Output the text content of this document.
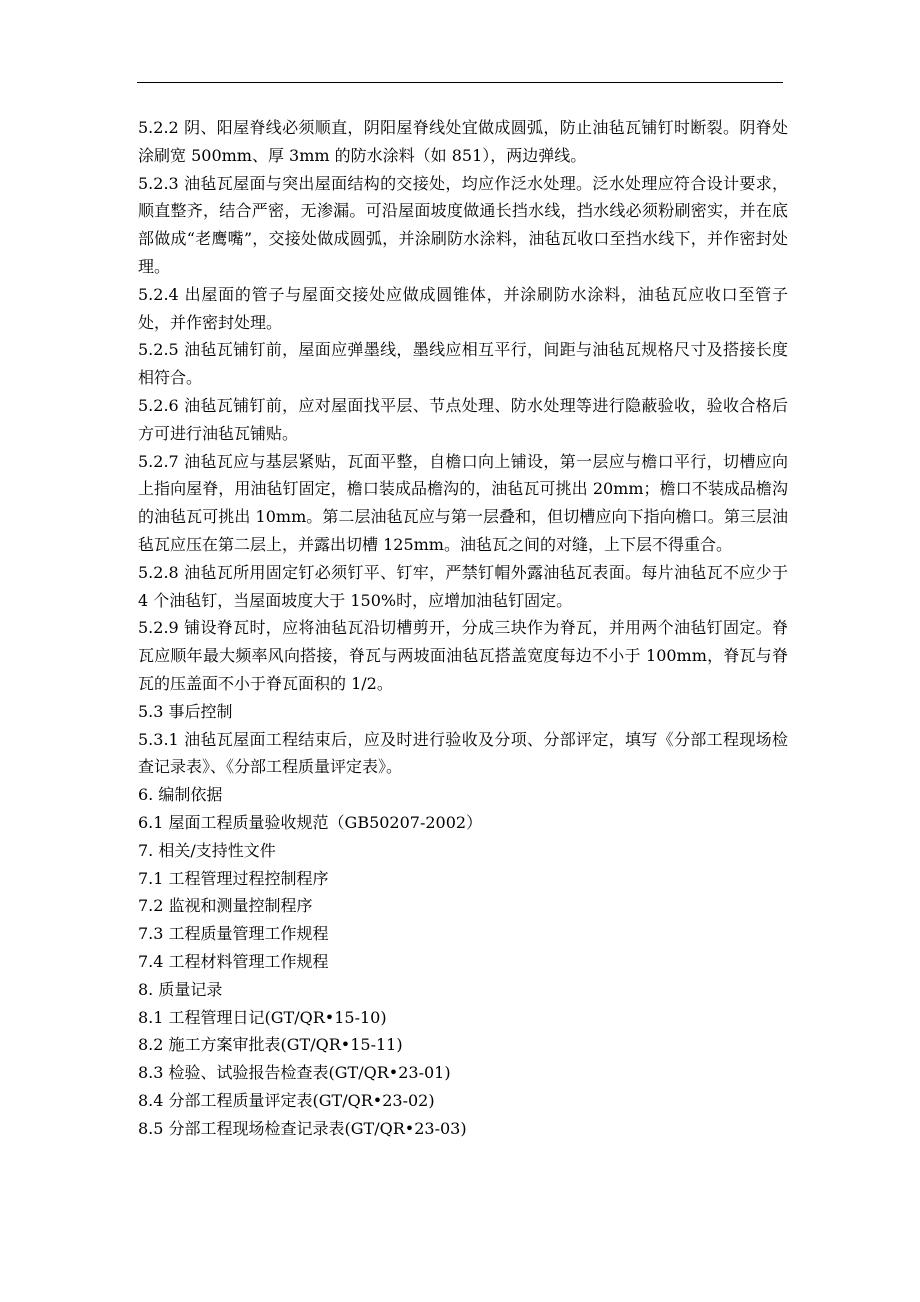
5.2.2 阴、阳屋脊线必须顺直，阴阳屋脊线处宜做成圆弧，防止油毡瓦铺钉时断裂。阴脊处涂刷宽 500mm、厚 3mm 的防水涂料（如 851），两边弹线。

5.2.3 油毡瓦屋面与突出屋面结构的交接处，均应作泛水处理。泛水处理应符合设计要求，顺直整齐，结合严密，无渗漏。可沿屋面坡度做通长挡水线，挡水线必须粉刷密实，并在底部做成“老鹰嘴”，交接处做成圆弧，并涂刷防水涂料，油毡瓦收口至挡水线下，并作密封处理。

5.2.4 出屋面的管子与屋面交接处应做成圆锥体，并涂刷防水涂料，油毡瓦应收口至管子处，并作密封处理。

5.2.5 油毡瓦铺钉前，屋面应弹墨线，墨线应相互平行，间距与油毡瓦规格尺寸及搭接长度相符合。

5.2.6 油毡瓦铺钉前，应对屋面找平层、节点处理、防水处理等进行隐蔽验收，验收合格后方可进行油毡瓦铺贴。

5.2.7 油毡瓦应与基层紧贴，瓦面平整，自檐口向上铺设，第一层应与檐口平行，切槽应向上指向屋脊，用油毡钉固定，檐口装成品檐沟的，油毡瓦可挑出 20mm；檐口不装成品檐沟的油毡瓦可挑出 10mm。第二层油毡瓦应与第一层叠和，但切槽应向下指向檐口。第三层油毡瓦应压在第二层上，并露出切槽 125mm。油毡瓦之间的对缝，上下层不得重合。

5.2.8 油毡瓦所用固定钉必须钉平、钉牢，严禁钉帽外露油毡瓦表面。每片油毡瓦不应少于 4 个油毡钉，当屋面坡度大于 150%时，应增加油毡钉固定。

5.2.9 铺设脊瓦时，应将油毡瓦沿切槽剪开，分成三块作为脊瓦，并用两个油毡钉固定。脊瓦应顺年最大频率风向搭接，脊瓦与两坡面油毡瓦搭盖宽度每边不小于 100mm，脊瓦与脊瓦的压盖面不小于脊瓦面积的 1/2。

5.3 事后控制

5.3.1 油毡瓦屋面工程结束后，应及时进行验收及分项、分部评定，填写《分部工程现场检查记录表》、《分部工程质量评定表》。

6. 编制依据

6.1 屋面工程质量验收规范（GB50207-2002）

7. 相关/支持性文件

7.1 工程管理过程控制程序

7.2 监视和测量控制程序

7.3 工程质量管理工作规程

7.4 工程材料管理工作规程

8. 质量记录

8.1 工程管理日记(GT/QR•15-10)

8.2 施工方案审批表(GT/QR•15-11)

8.3 检验、试验报告检查表(GT/QR•23-01)

8.4 分部工程质量评定表(GT/QR•23-02)

8.5 分部工程现场检查记录表(GT/QR•23-03)
